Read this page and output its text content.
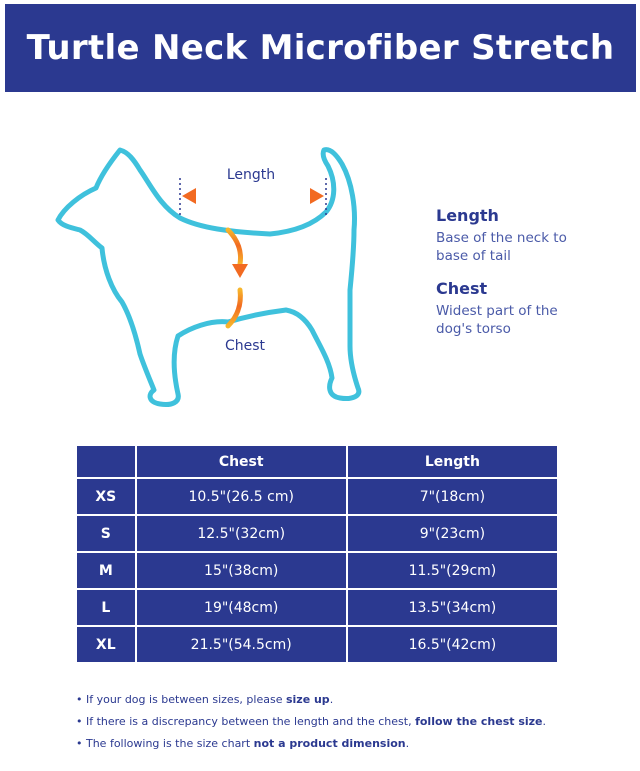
Turtle Neck Microfiber Stretch
Length
Chest
Length
Base of the neck to
base of tail
Chest
Widest part of the
dog's torso
	Chest	Length
XS	10.5"(26.5 cm)	7"(18cm)
S	12.5"(32cm)	9"(23cm)
M	15"(38cm)	11.5"(29cm)
L	19"(48cm)	13.5"(34cm)
XL	21.5"(54.5cm)	16.5"(42cm)
• If your dog is between sizes, please size up.
• If there is a discrepancy between the length and the chest, follow the chest size.
• The following is the size chart not a product dimension.
